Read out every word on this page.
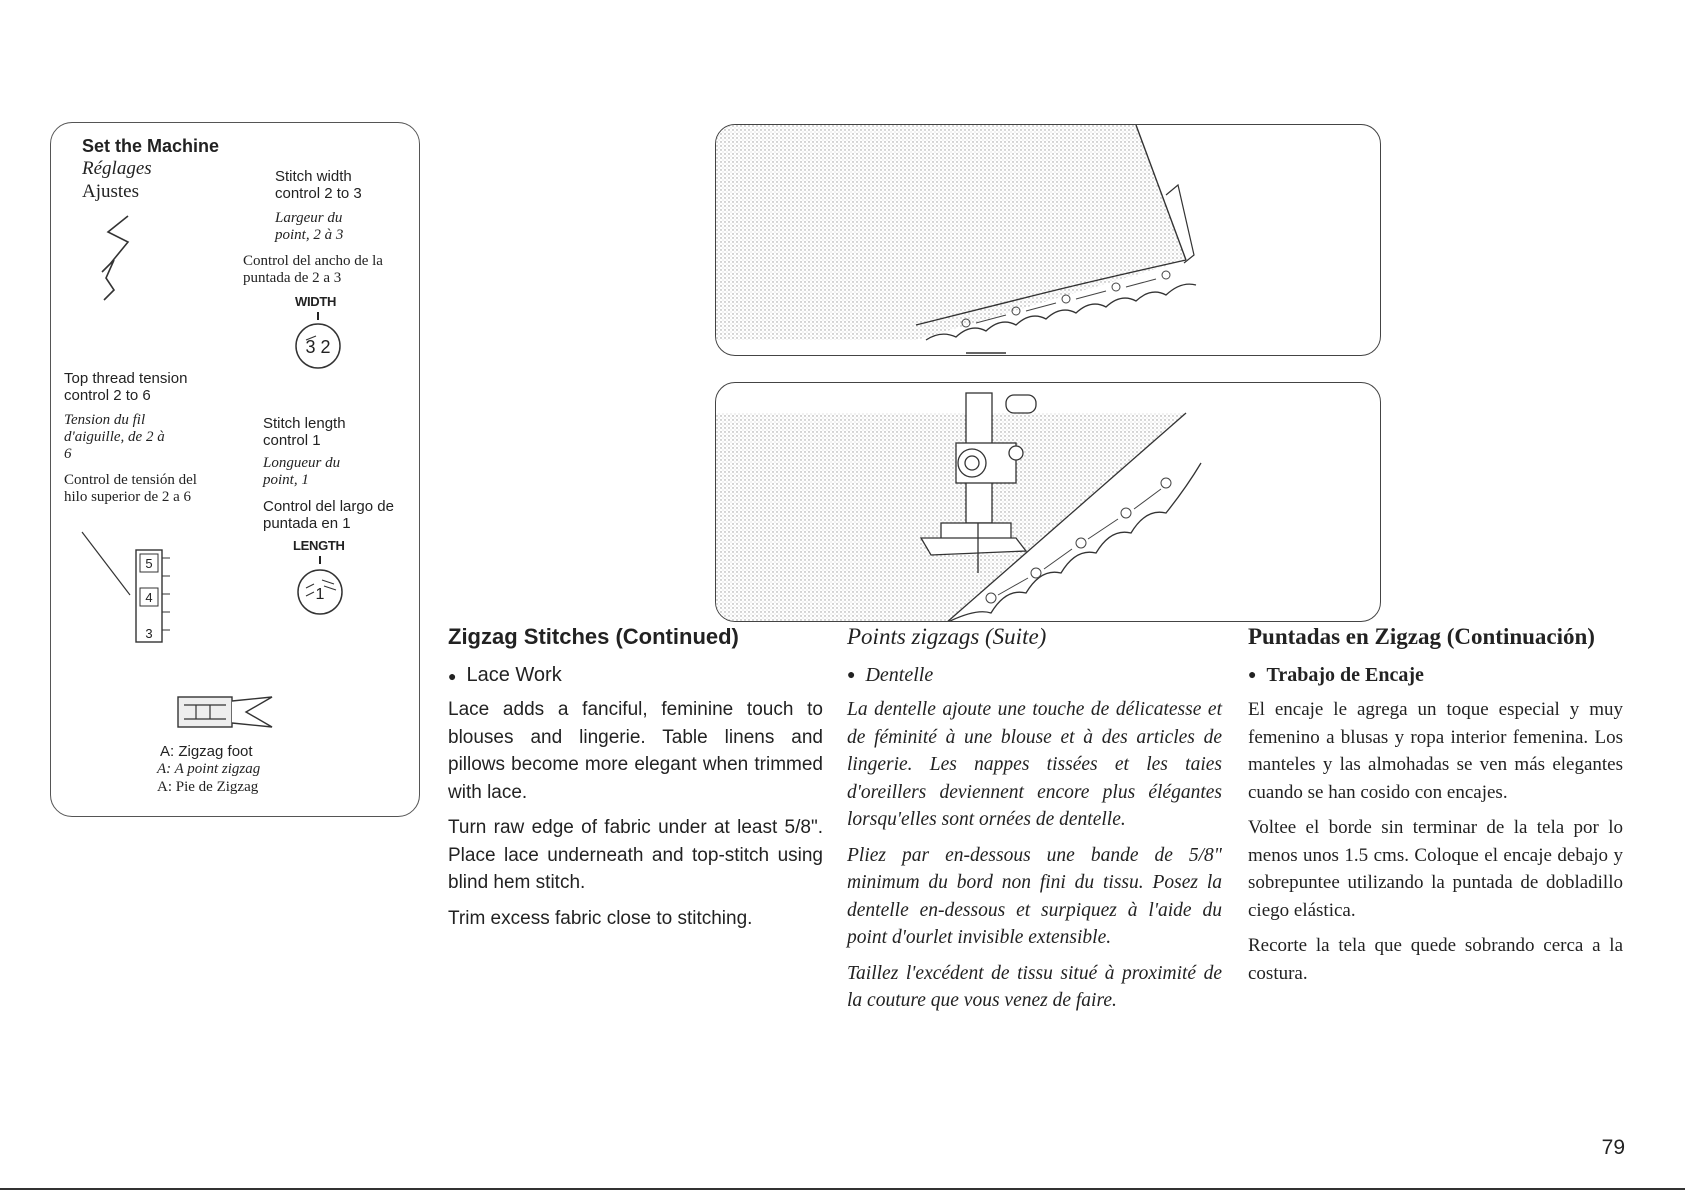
Set the Machine
Réglages
Ajustes
Stitch width control 2 to 3
Largeur du point, 2 à 3
Control del ancho de la puntada de 2 a 3
WIDTH
3 2
Top thread tension control 2 to 6
Tension du fil d'aiguille, de 2 à 6
Control de tensión del hilo superior de 2 a 6
5
4
3
Stitch length control 1
Longueur du point, 1
Control del largo de puntada en 1
LENGTH
1
A: Zigzag foot
A: A point zigzag
A: Pie de Zigzag
Zigzag Stitches (Continued)
● Lace Work

Lace adds a fanciful, feminine touch to blouses and lingerie. Table linens and pillows become more elegant when trimmed with lace.

Turn raw edge of fabric under at least 5/8". Place lace underneath and top-stitch using blind hem stitch.

Trim excess fabric close to stitching.

Points zigzags (Suite)
● Dentelle

La dentelle ajoute une touche de délicatesse et de féminité à une blouse et à des articles de lingerie. Les nappes tissées et les taies d'oreillers deviennent encore plus élégantes lorsqu'elles sont ornées de dentelle.

Pliez par en-dessous une bande de 5/8" minimum du bord non fini du tissu. Posez la dentelle en-dessous et surpiquez à l'aide du point d'ourlet invisible extensible.

Taillez l'excédent de tissu situé à proximité de la couture que vous venez de faire.

Puntadas en Zigzag (Continuación)
● Trabajo de Encaje

El encaje le agrega un toque especial y muy femenino a blusas y ropa interior femenina. Los manteles y las almohadas se ven más elegantes cuando se han cosido con encajes.

Voltee el borde sin terminar de la tela por lo menos unos 1.5 cms. Coloque el encaje debajo y sobrepuntee utilizando la puntada de dobladillo ciego elástica.

Recorte la tela que quede sobrando cerca a la costura.

79
